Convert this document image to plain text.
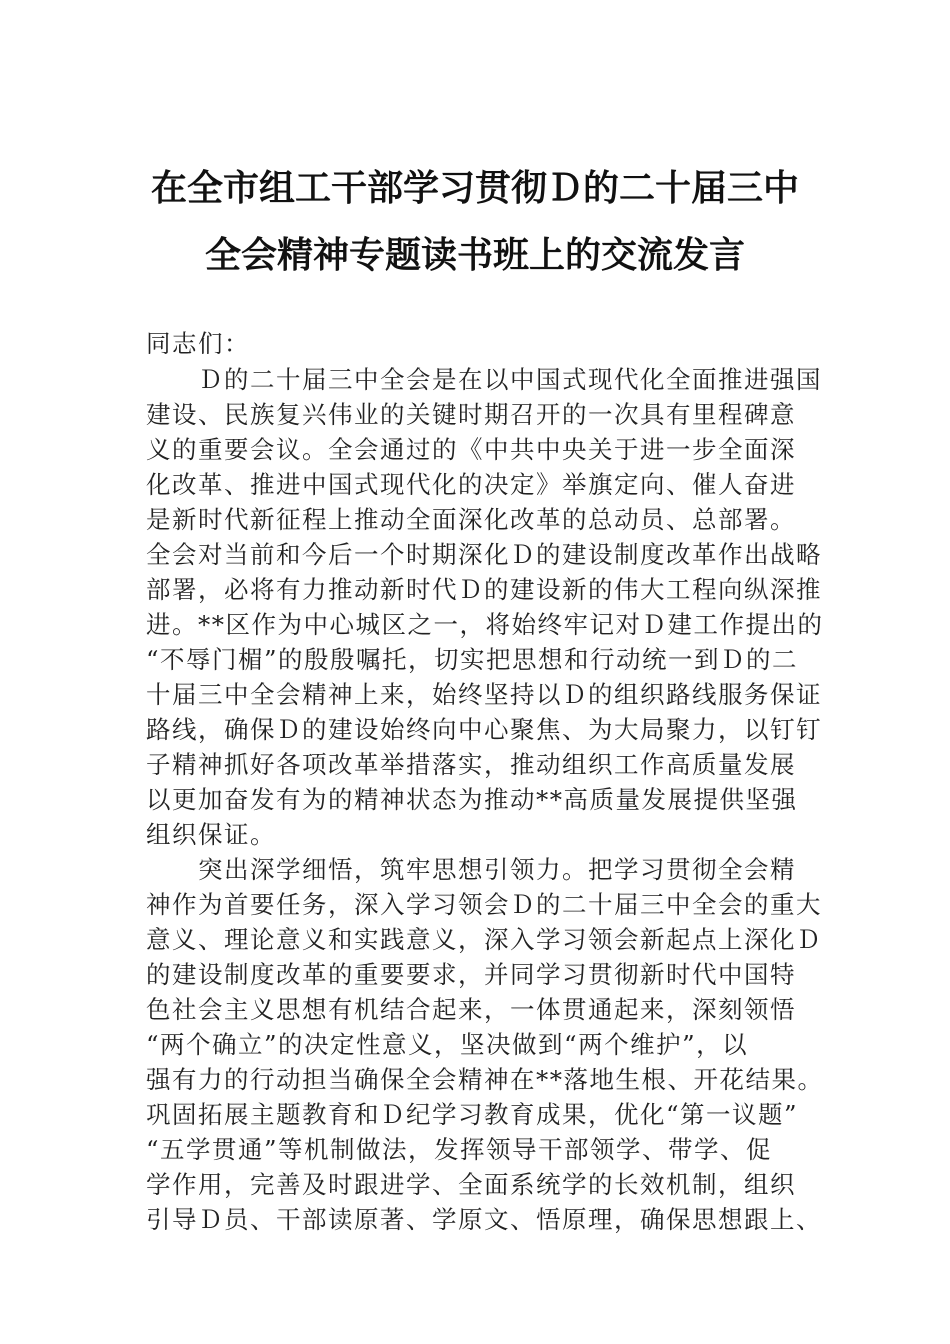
在全市组工干部学习贯彻Ｄ的二十届三中
全会精神专题读书班上的交流发言
同志们：
　　Ｄ的二十届三中全会是在以中国式现代化全面推进强国
建设、民族复兴伟业的关键时期召开的一次具有里程碑意
义的重要会议。全会通过的《中共中央关于进一步全面深
化改革、推进中国式现代化的决定》举旗定向、催人奋进
是新时代新征程上推动全面深化改革的总动员、总部署。
全会对当前和今后一个时期深化Ｄ的建设制度改革作出战略
部署，必将有力推动新时代Ｄ的建设新的伟大工程向纵深推
进。**区作为中心城区之一，将始终牢记对Ｄ建工作提出的
“不辱门楣”的殷殷嘱托，切实把思想和行动统一到Ｄ的二
十届三中全会精神上来，始终坚持以Ｄ的组织路线服务保证
路线，确保Ｄ的建设始终向中心聚焦、为大局聚力，以钉钉
子精神抓好各项改革举措落实，推动组织工作高质量发展
以更加奋发有为的精神状态为推动**高质量发展提供坚强
组织保证。
　　突出深学细悟，筑牢思想引领力。把学习贯彻全会精
神作为首要任务，深入学习领会Ｄ的二十届三中全会的重大
意义、理论意义和实践意义，深入学习领会新起点上深化Ｄ
的建设制度改革的重要要求，并同学习贯彻新时代中国特
色社会主义思想有机结合起来，一体贯通起来，深刻领悟
“两个确立”的决定性意义，坚决做到“两个维护”，以
强有力的行动担当确保全会精神在**落地生根、开花结果。
巩固拓展主题教育和Ｄ纪学习教育成果，优化“第一议题”
“五学贯通”等机制做法，发挥领导干部领学、带学、促
学作用，完善及时跟进学、全面系统学的长效机制，组织
引导Ｄ员、干部读原著、学原文、悟原理，确保思想跟上、
